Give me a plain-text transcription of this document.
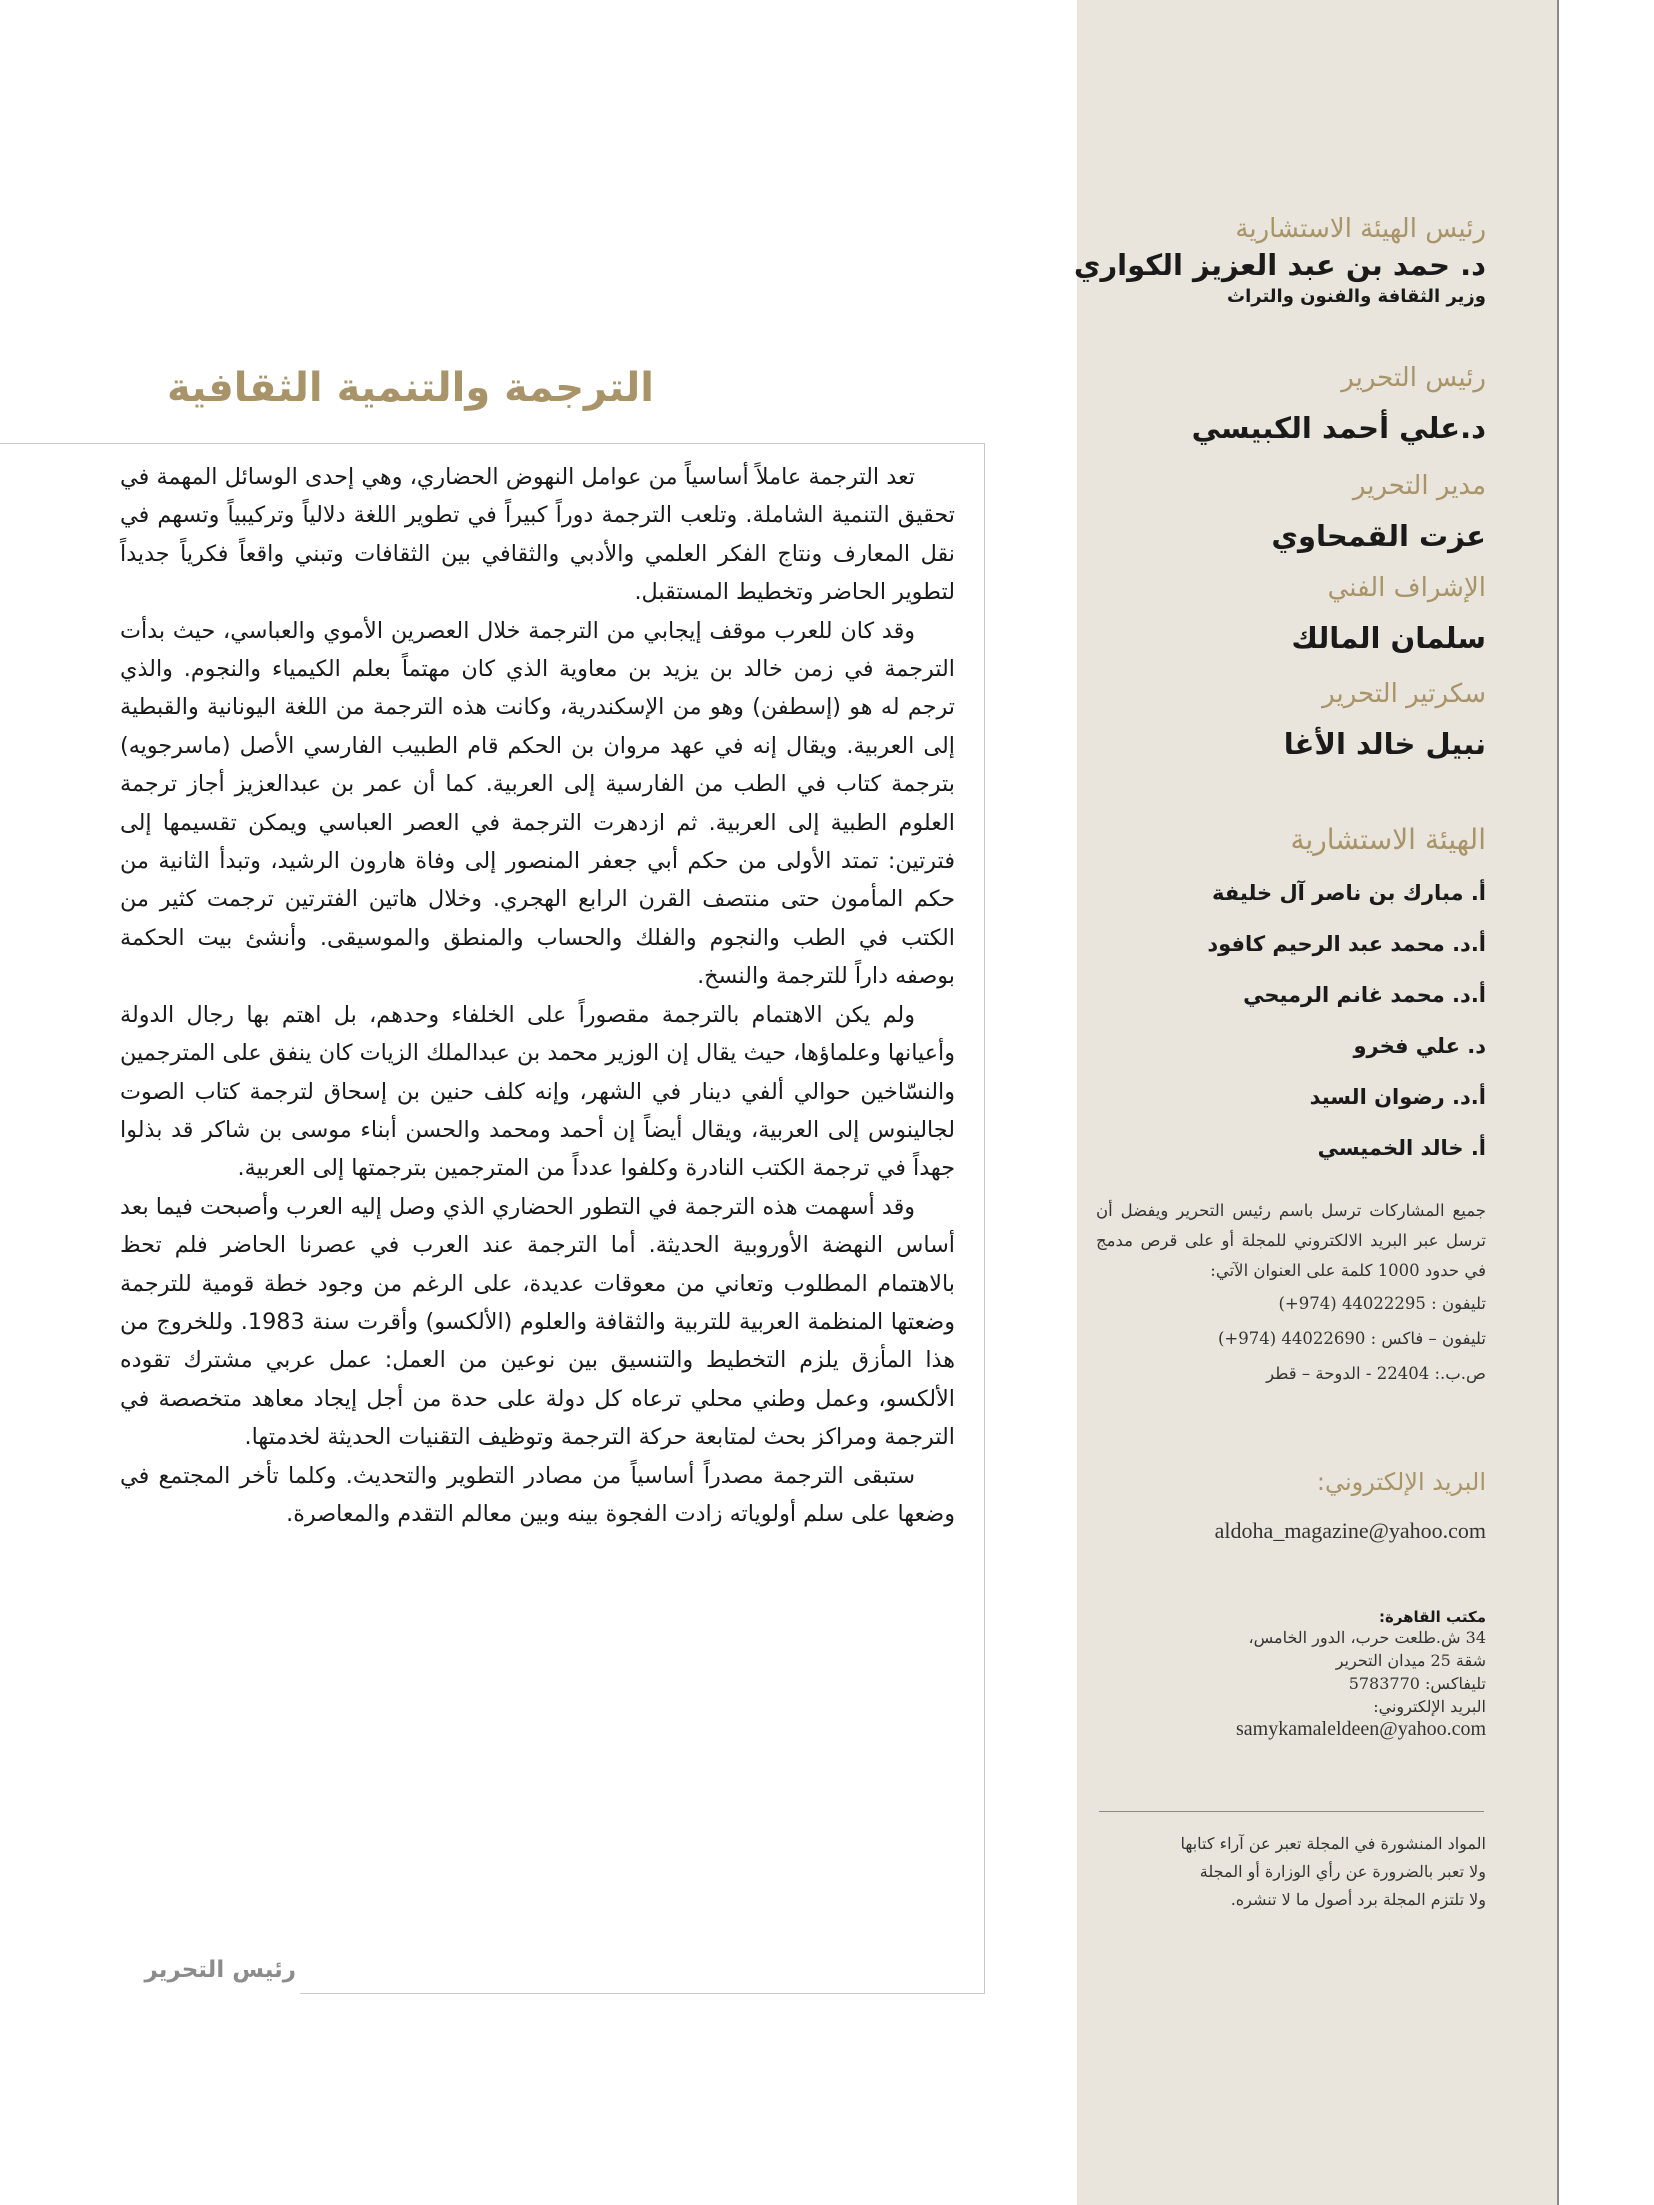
رئيس الهيئة الاستشارية

د. حمد بن عبد العزيز الكواري

وزير الثقافة والفنون والتراث

رئيس التحرير

د.علي أحمد الكبيسي

مدير التحرير

عزت القمحاوي

الإشراف الفني

سلمان المالك

سكرتير التحرير

نبيل خالد الأغا

الهيئة الاستشارية
أ. مبارك بن ناصر آل خليفة
أ.د. محمد عبد الرحيم كافود
أ.د. محمد غانم الرميحي
د. علي فخرو
أ.د. رضوان السيد
أ. خالد الخميسي
جميع المشاركات ترسل باسم رئيس التحرير ويفضل أن ترسل عبر البريد الالكتروني للمجلة أو على قرص مدمج في حدود 1000 كلمة على العنوان الآتي:
تليفون : 44022295 (974+)
تليفون – فاكس : 44022690 (974+)
ص.ب.: 22404 - الدوحة – قطر
البريد الإلكتروني:
aldoha_magazine@yahoo.com
مكتب القاهرة:
34 ش.طلعت حرب، الدور الخامس،
شقة 25 ميدان التحرير
تليفاكس: 5783770
البريد الإلكتروني:
samykamaleldeen@yahoo.com
المواد المنشورة في المجلة تعبر عن آراء كتابها
ولا تعبر بالضرورة عن رأي الوزارة أو المجلة
ولا تلتزم المجلة برد أصول ما لا تنشره.
الترجمة والتنمية الثقافية

تعد الترجمة عاملاً أساسياً من عوامل النهوض الحضاري، وهي إحدى الوسائل المهمة في تحقيق التنمية الشاملة. وتلعب الترجمة دوراً كبيراً في تطوير اللغة دلالياً وتركيبياً وتسهم في نقل المعارف ونتاج الفكر العلمي والأدبي والثقافي بين الثقافات وتبني واقعاً فكرياً جديداً لتطوير الحاضر وتخطيط المستقبل.

وقد كان للعرب موقف إيجابي من الترجمة خلال العصرين الأموي والعباسي، حيث بدأت الترجمة في زمن خالد بن يزيد بن معاوية الذي كان مهتماً بعلم الكيمياء والنجوم. والذي ترجم له هو (إسطفن) وهو من الإسكندرية، وكانت هذه الترجمة من اللغة اليونانية والقبطية إلى العربية. ويقال إنه في عهد مروان بن الحكم قام الطبيب الفارسي الأصل (ماسرجويه) بترجمة كتاب في الطب من الفارسية إلى العربية. كما أن عمر بن عبدالعزيز أجاز ترجمة العلوم الطبية إلى العربية. ثم ازدهرت الترجمة في العصر العباسي ويمكن تقسيمها إلى فترتين: تمتد الأولى من حكم أبي جعفر المنصور إلى وفاة هارون الرشيد، وتبدأ الثانية من حكم المأمون حتى منتصف القرن الرابع الهجري. وخلال هاتين الفترتين ترجمت كثير من الكتب في الطب والنجوم والفلك والحساب والمنطق والموسيقى. وأنشئ بيت الحكمة بوصفه داراً للترجمة والنسخ.

ولم يكن الاهتمام بالترجمة مقصوراً على الخلفاء وحدهم، بل اهتم بها رجال الدولة وأعيانها وعلماؤها، حيث يقال إن الوزير محمد بن عبدالملك الزيات كان ينفق على المترجمين والنسّاخين حوالي ألفي دينار في الشهر، وإنه كلف حنين بن إسحاق لترجمة كتاب الصوت لجالينوس إلى العربية، ويقال أيضاً إن أحمد ومحمد والحسن أبناء موسى بن شاكر قد بذلوا جهداً في ترجمة الكتب النادرة وكلفوا عدداً من المترجمين بترجمتها إلى العربية.

وقد أسهمت هذه الترجمة في التطور الحضاري الذي وصل إليه العرب وأصبحت فيما بعد أساس النهضة الأوروبية الحديثة. أما الترجمة عند العرب في عصرنا الحاضر فلم تحظ بالاهتمام المطلوب وتعاني من معوقات عديدة، على الرغم من وجود خطة قومية للترجمة وضعتها المنظمة العربية للتربية والثقافة والعلوم (الألكسو) وأقرت سنة 1983. وللخروج من هذا المأزق يلزم التخطيط والتنسيق بين نوعين من العمل: عمل عربي مشترك تقوده الألكسو، وعمل وطني محلي ترعاه كل دولة على حدة من أجل إيجاد معاهد متخصصة في الترجمة ومراكز بحث لمتابعة حركة الترجمة وتوظيف التقنيات الحديثة لخدمتها.

ستبقى الترجمة مصدراً أساسياً من مصادر التطوير والتحديث. وكلما تأخر المجتمع في وضعها على سلم أولوياته زادت الفجوة بينه وبين معالم التقدم والمعاصرة.

رئيس التحرير
